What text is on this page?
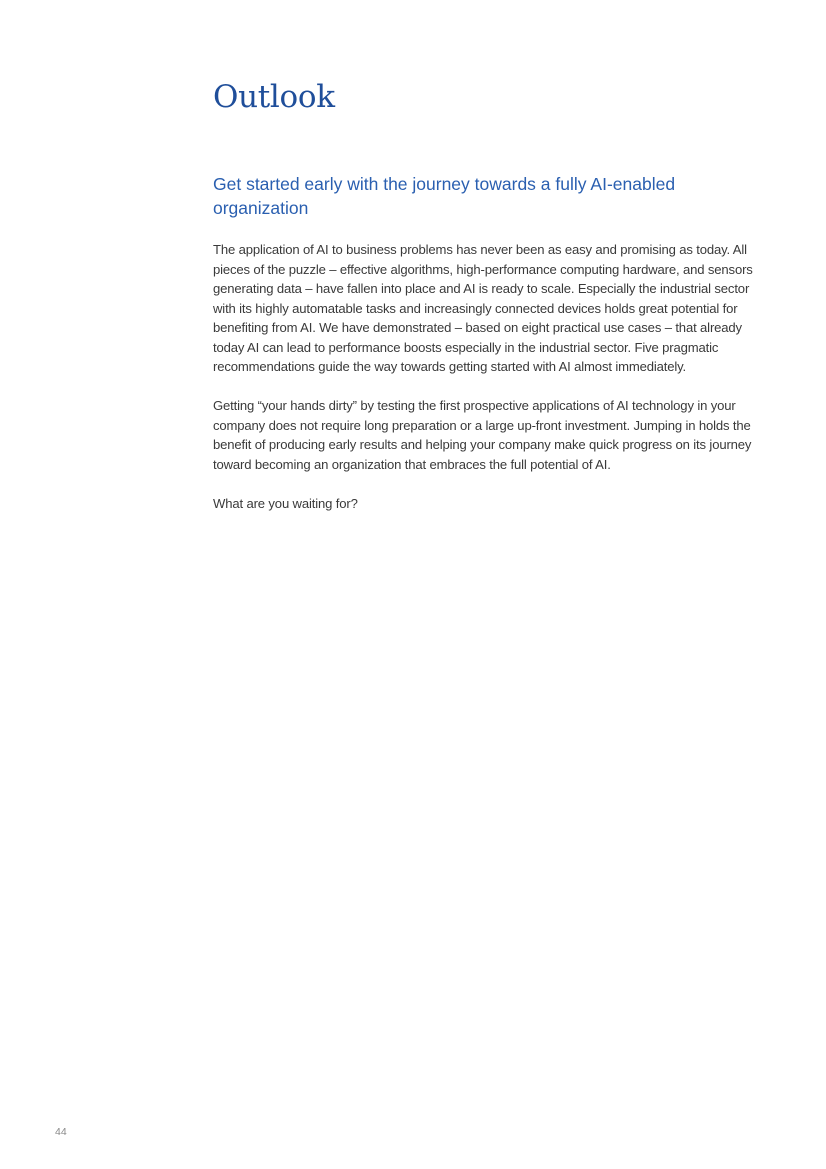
Outlook
Get started early with the journey towards a fully AI-enabled organization

The application of AI to business problems has never been as easy and promising as today. All pieces of the puzzle – effective algorithms, high-performance computing hardware, and sensors generating data – have fallen into place and AI is ready to scale. Especially the industrial sector with its highly automatable tasks and increasingly connected devices holds great potential for benefiting from AI. We have demonstrated – based on eight practical use cases – that already today AI can lead to performance boosts especially in the industrial sector. Five pragmatic recommendations guide the way towards getting started with AI almost immediately.

Getting “your hands dirty” by testing the first prospective applications of AI technology in your company does not require long preparation or a large up-front investment. Jumping in holds the benefit of producing early results and helping your company make quick progress on its journey toward becoming an organization that embraces the full potential of AI.

What are you waiting for?

44
